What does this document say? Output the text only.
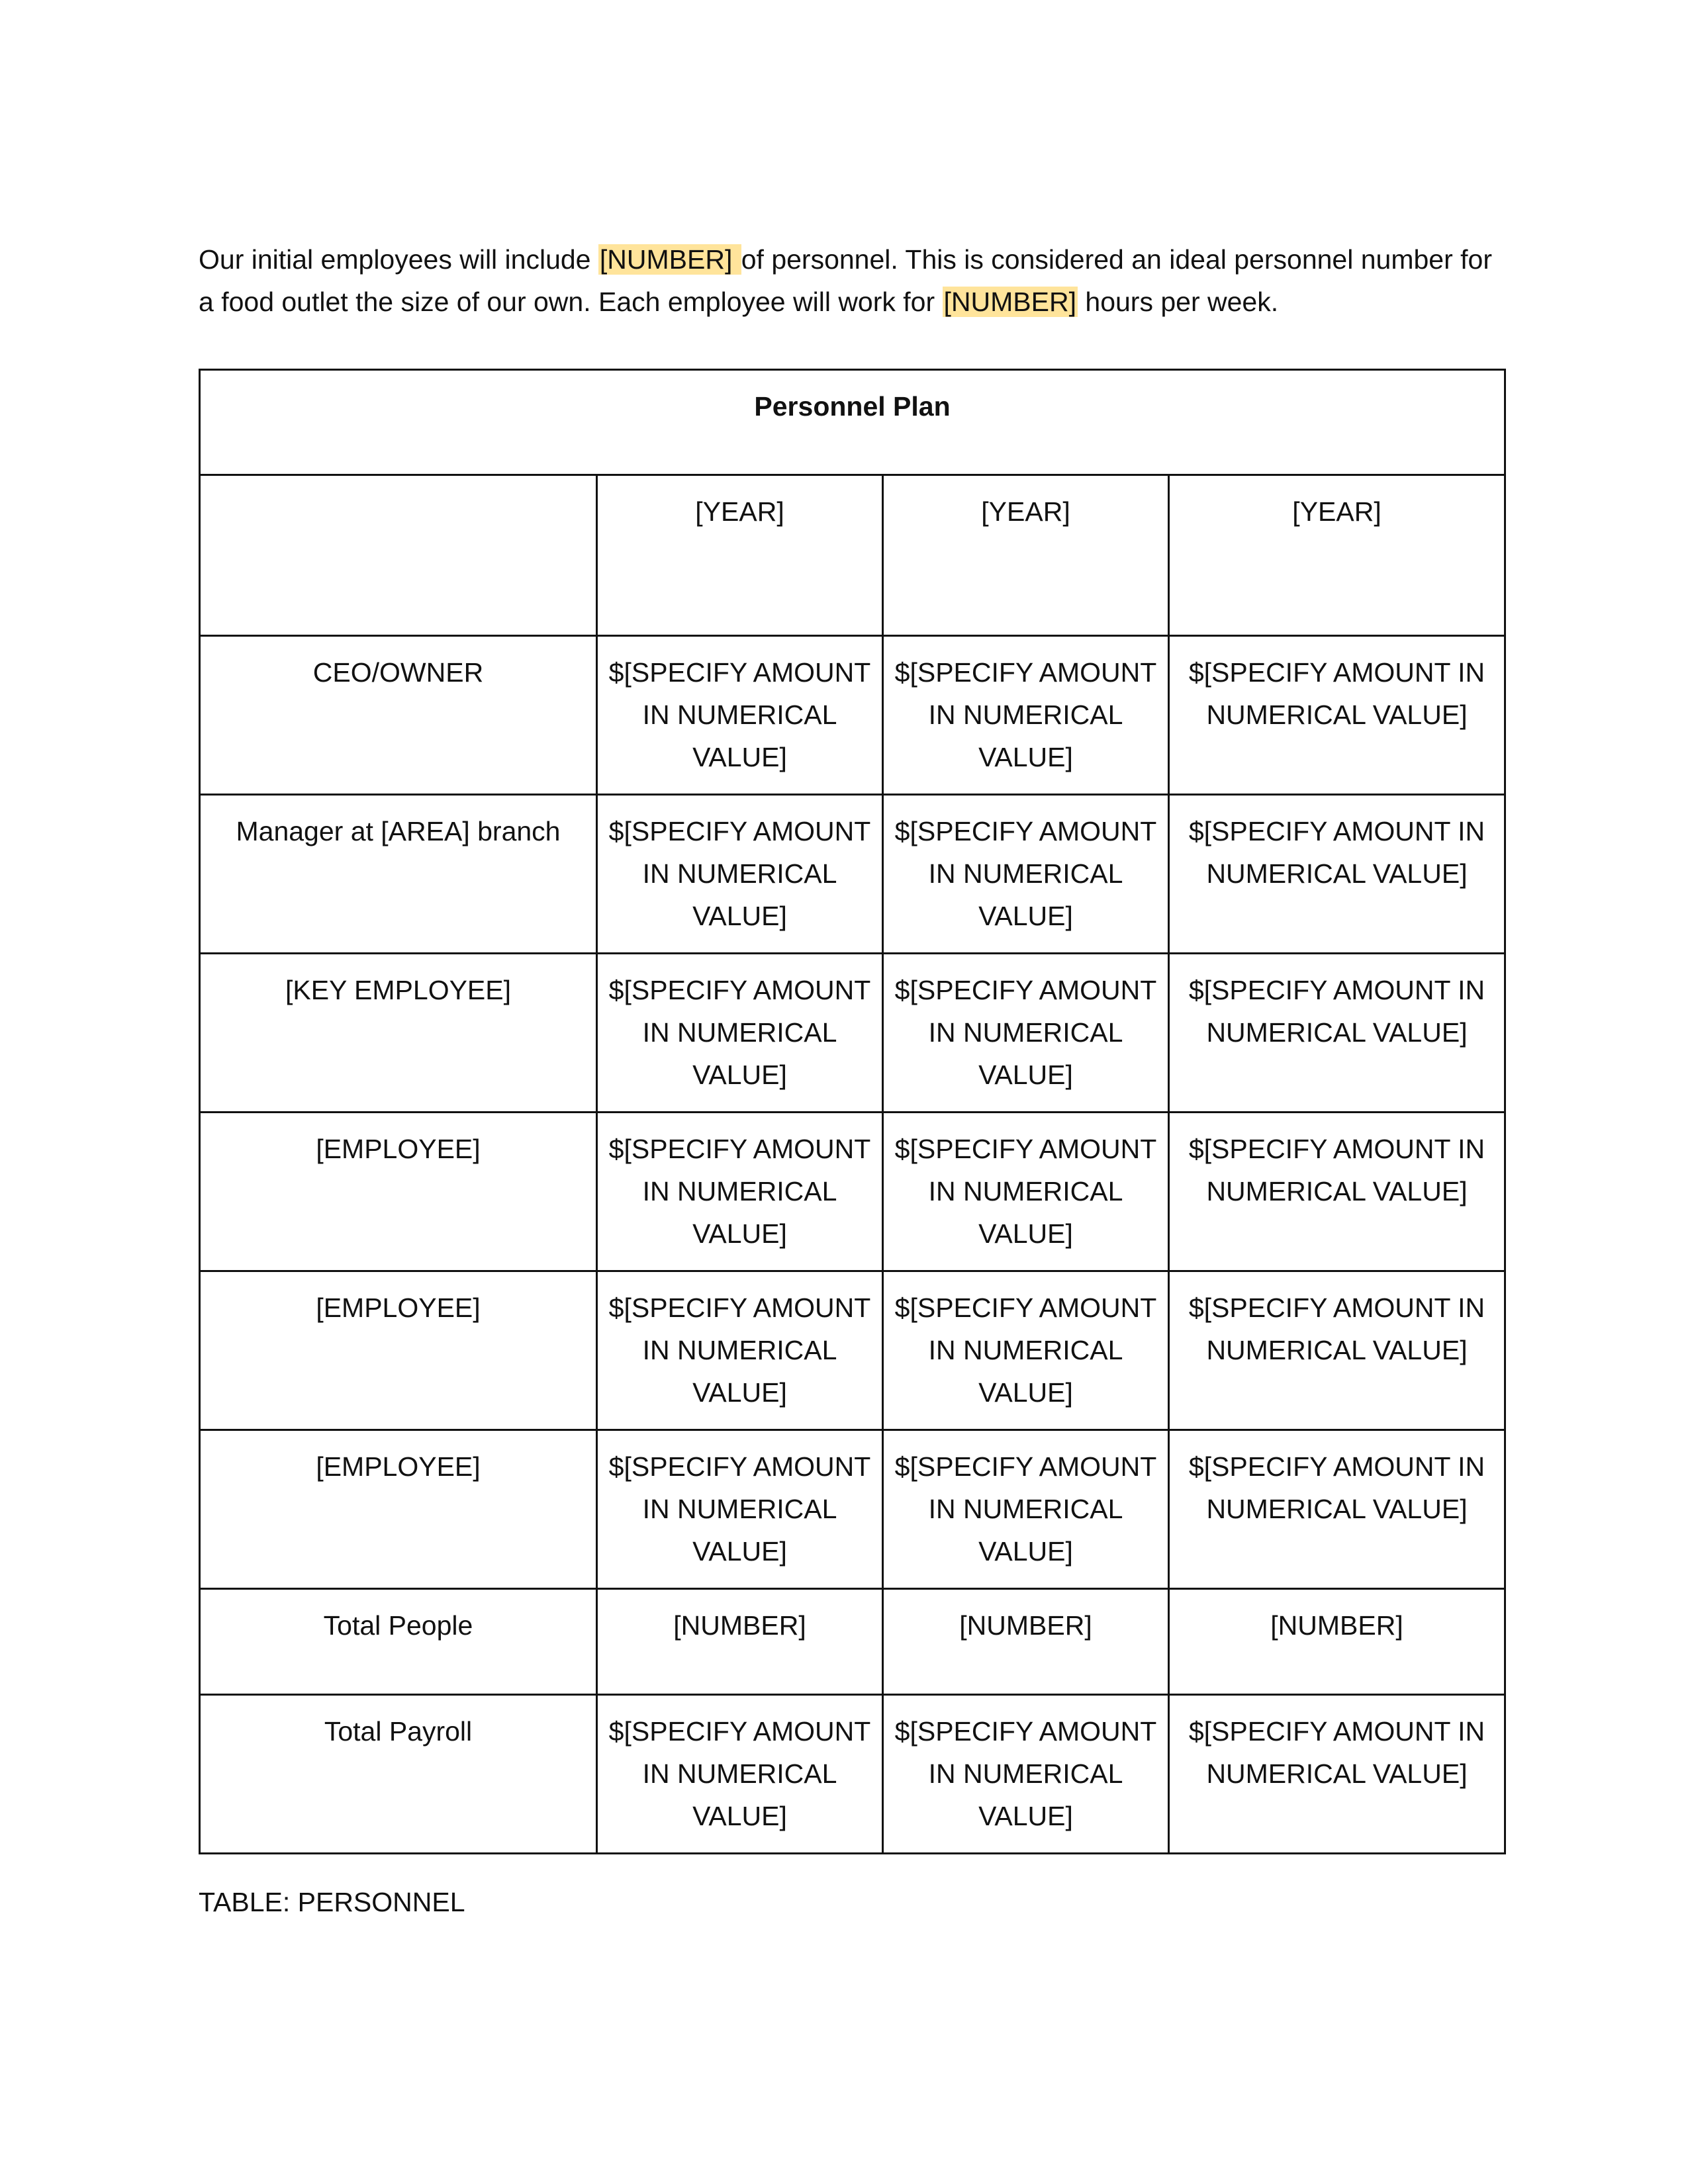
Our initial employees will include [NUMBER] of personnel. This is considered an ideal personnel number for a food outlet the size of our own. Each employee will work for [NUMBER] hours per week.

Personnel Plan			
	[YEAR]	[YEAR]	[YEAR]
CEO/OWNER	$[SPECIFY AMOUNT IN NUMERICAL VALUE]	$[SPECIFY AMOUNT IN NUMERICAL VALUE]	$[SPECIFY AMOUNT IN NUMERICAL VALUE]
Manager at [AREA] branch	$[SPECIFY AMOUNT IN NUMERICAL VALUE]	$[SPECIFY AMOUNT IN NUMERICAL VALUE]	$[SPECIFY AMOUNT IN NUMERICAL VALUE]
[KEY EMPLOYEE]	$[SPECIFY AMOUNT IN NUMERICAL VALUE]	$[SPECIFY AMOUNT IN NUMERICAL VALUE]	$[SPECIFY AMOUNT IN NUMERICAL VALUE]
[EMPLOYEE]	$[SPECIFY AMOUNT IN NUMERICAL VALUE]	$[SPECIFY AMOUNT IN NUMERICAL VALUE]	$[SPECIFY AMOUNT IN NUMERICAL VALUE]
[EMPLOYEE]	$[SPECIFY AMOUNT IN NUMERICAL VALUE]	$[SPECIFY AMOUNT IN NUMERICAL VALUE]	$[SPECIFY AMOUNT IN NUMERICAL VALUE]
[EMPLOYEE]	$[SPECIFY AMOUNT IN NUMERICAL VALUE]	$[SPECIFY AMOUNT IN NUMERICAL VALUE]	$[SPECIFY AMOUNT IN NUMERICAL VALUE]
Total People	[NUMBER]	[NUMBER]	[NUMBER]
Total Payroll	$[SPECIFY AMOUNT IN NUMERICAL VALUE]	$[SPECIFY AMOUNT IN NUMERICAL VALUE]	$[SPECIFY AMOUNT IN NUMERICAL VALUE]

TABLE: PERSONNEL
